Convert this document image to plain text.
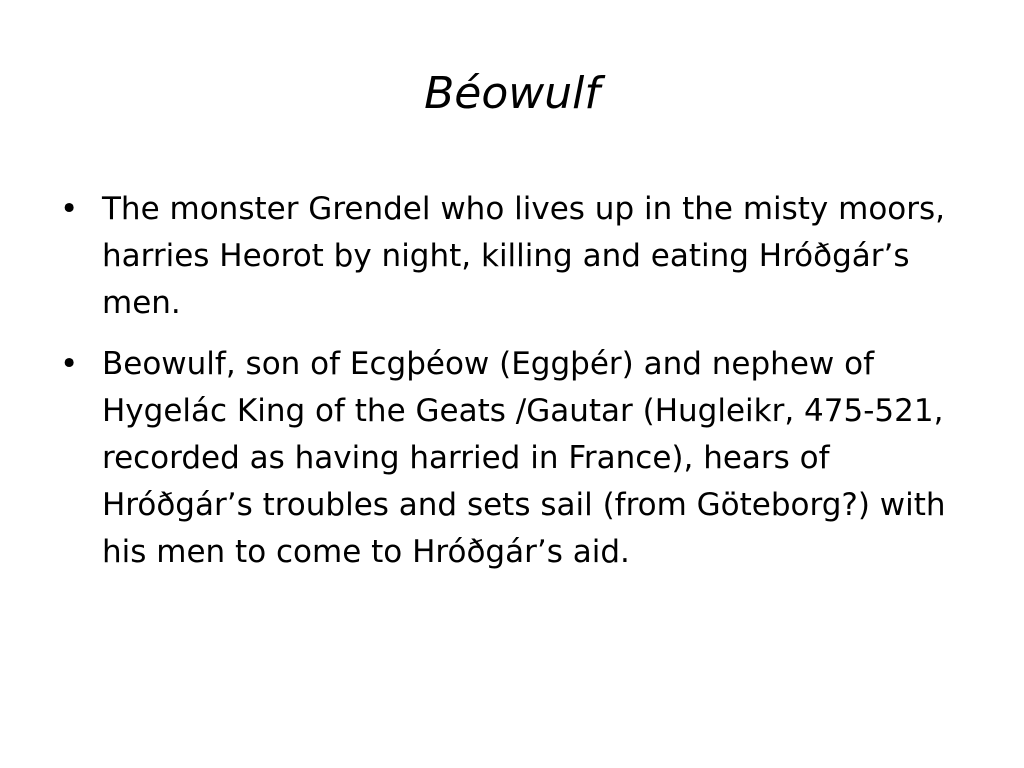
Béowulf
• The monster Grendel who lives up in the misty moors, harries Heorot by night, killing and eating Hróðgár’s men.
• Beowulf, son of Ecgþéow (Eggþér) and nephew of Hygelác King of the Geats /Gautar (Hugleikr, 475-521, recorded as having harried in France), hears of Hróðgár’s troubles and sets sail (from Göteborg?) with his men to come to Hróðgár’s aid.
